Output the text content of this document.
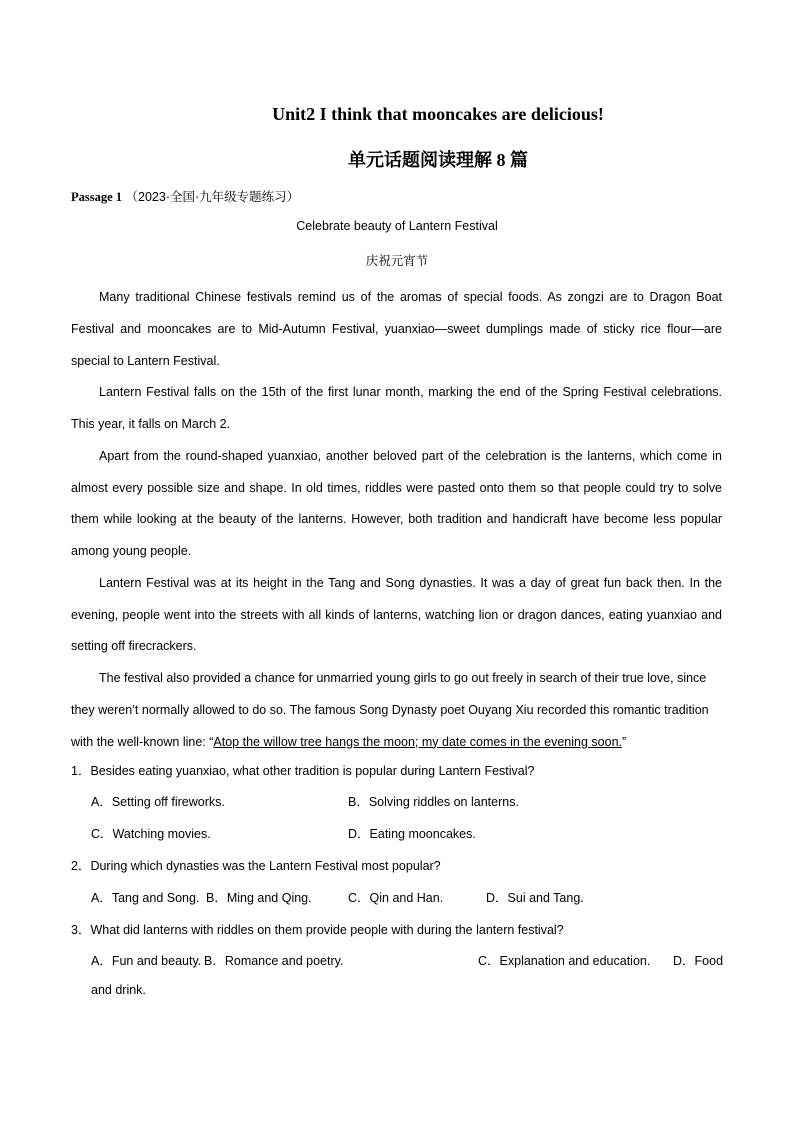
Unit2 I think that mooncakes are delicious!
单元话题阅读理解 8 篇
Passage 1 （2023·全国·九年级专题练习）
Celebrate beauty of Lantern Festival
庆祝元宵节

Many traditional Chinese festivals remind us of the aromas of special foods. As zongzi are to Dragon Boat Festival and mooncakes are to Mid-Autumn Festival, yuanxiao—sweet dumplings made of sticky rice flour—are special to Lantern Festival.

Lantern Festival falls on the 15th of the first lunar month, marking the end of the Spring Festival celebrations. This year, it falls on March 2.

Apart from the round-shaped yuanxiao, another beloved part of the celebration is the lanterns, which come in almost every possible size and shape. In old times, riddles were pasted onto them so that people could try to solve them while looking at the beauty of the lanterns. However, both tradition and handicraft have become less popular among young people.

Lantern Festival was at its height in the Tang and Song dynasties. It was a day of great fun back then. In the evening, people went into the streets with all kinds of lanterns, watching lion or dragon dances, eating yuanxiao and setting off firecrackers.

The festival also provided a chance for unmarried young girls to go out freely in search of their true love, since they weren’t normally allowed to do so. The famous Song Dynasty poet Ouyang Xiu recorded this romantic tradition with the well-known line: “Atop the willow tree hangs the moon; my date comes in the evening soon.”

1．Besides eating yuanxiao, what other tradition is popular during Lantern Festival?
A．Setting off fireworks.	B．Solving riddles on lanterns.
C．Watching movies.	D．Eating mooncakes.
2．During which dynasties was the Lantern Festival most popular?
A．Tang and Song. B．Ming and Qing.	C．Qin and Han.	D．Sui and Tang.
3．What did lanterns with riddles on them provide people with during the lantern festival?
A．Fun and beauty. B．Romance and poetry.	C．Explanation and education. D．Food
and drink.
